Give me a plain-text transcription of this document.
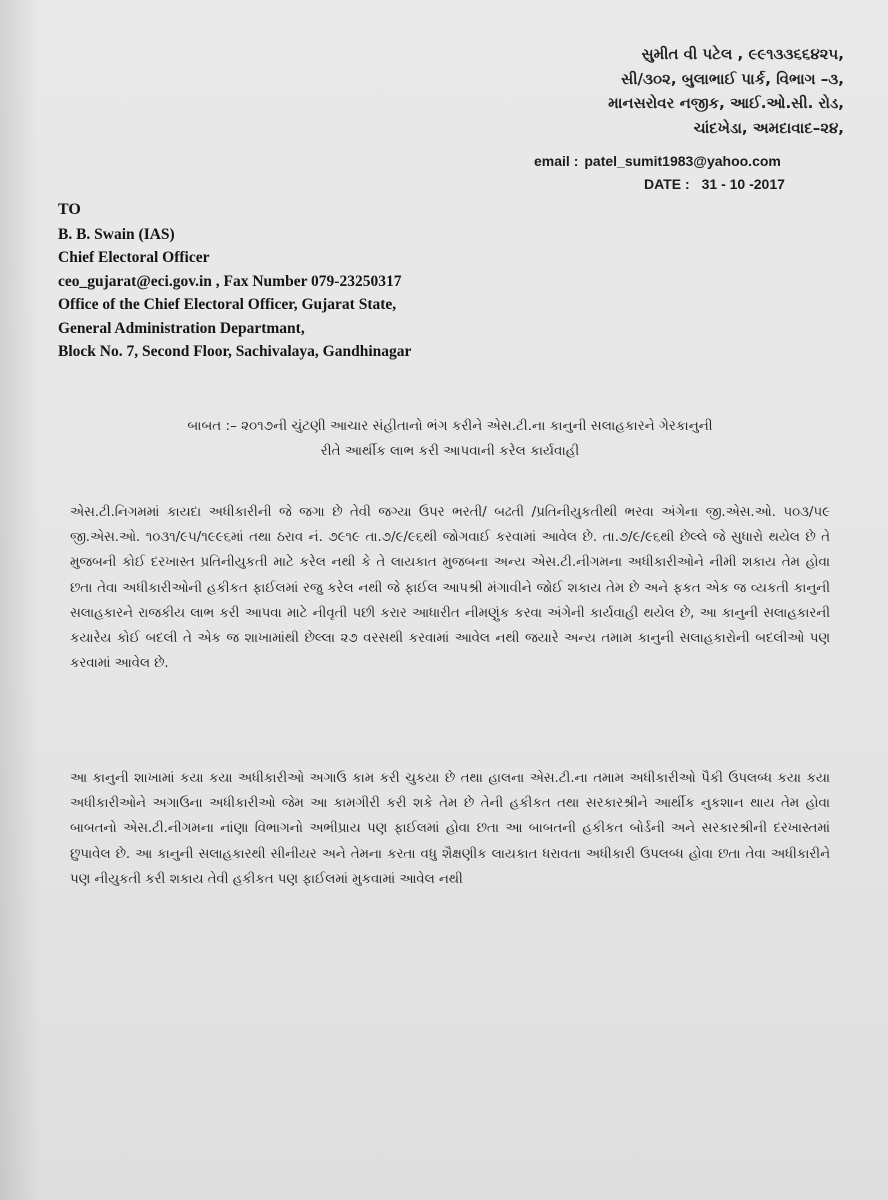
સુમીત વી પટેલ , ૯૯૧૩૩૬૬૪૨૫,
સી/૩૦૨, બુલાભાઈ પાર્ક, વિભાગ –૩,
માનસરોવર નજીક, આઈ.ઓ.સી. રોડ,
ચાંદખેડા, અમદાવાદ–૨૪,
email : patel_sumit1983@yahoo.com
DATE : 31 - 10 -2017
TO
B. B. Swain (IAS)
Chief Electoral Officer
ceo_gujarat@eci.gov.in , Fax Number 079-23250317
Office of the Chief Electoral Officer, Gujarat State,
General Administration Departmant,
Block No. 7, Second Floor, Sachivalaya, Gandhinagar
બાબત :– ૨૦૧૭ની ચુંટણી આચાર સંહીતાનો ભંગ કરીને એસ.ટી.ના કાનુની સલાહકારને ગેરકાનુની
રીતે આર્થીક લાભ કરી આપવાની કરેલ કાર્યવાહી
એસ.ટી.નિગમમાં કાયદા અધીકારીની જે જગા છે તેવી જગ્યા ઉપર ભરતી/ બઢતી /પ્રતિનીયુકતીથી ભરવા અંગેના જી.એસ.ઓ. ૫૦૩/૫૯ જી.એસ.ઓ. ૧૦૩૧/૯૫/૧૯૯૬માં તથા ઠરાવ નં. ૭૯૧૯ તા.૭/૯/૯૬થી જોગવાઈ કરવામાં આવેલ છે. તા.૭/૯/૯૬થી છેલ્લે જે સુધારો થયેલ છે તે મુજબની કોઈ દરખાસ્ત પ્રતિનીયુકતી માટે કરેલ નથી કે તે લાયકાત મુજબના અન્ય એસ.ટી.નીગમના અધીકારીઓને નીમી શકાય તેમ હોવા છતા તેવા અધીકારીઓની હકીકત ફાઈલમાં રજુ કરેલ નથી જે ફાઈલ આપશ્રી મંગાવીને જોઈ શકાય તેમ છે અને ફકત એક જ વ્યકતી કાનુની સલાહકારને રાજકીય લાભ કરી આપવા માટે નીવૃતી પછી કરાર આધારીત નીમણુંક કરવા અંગેની કાર્યવાહી થયેલ છે, આ કાનુની સલાહકારની કયારેય કોઈ બદલી તે એક જ શાખામાંથી છેલ્લા ૨૭ વરસથી કરવામાં આવેલ નથી જયારે અન્ય તમામ કાનુની સલાહકારોની બદલીઓ પણ કરવામાં આવેલ છે.
આ કાનુની શાખામાં કયા કયા અધીકારીઓ અગાઉ કામ કરી ચુકયા છે તથા હાલના એસ.ટી.ના તમામ અધીકારીઓ પૈકી ઉપલબ્ધ કયા કયા અધીકારીઓને અગાઉના અધીકારીઓ જેમ આ કામગીરી કરી શકે તેમ છે તેની હકીકત તથા સરકારશ્રીને આર્થીક નુકશાન થાય તેમ હોવા બાબતનો એસ.ટી.નીગમના નાંણા વિભાગનો અભીપ્રાય પણ ફાઈલમાં હોવા છતા આ બાબતની હકીકત બોર્ડની અને સરકારશ્રીની દરખાસ્તમાં છુપાવેલ છે. આ કાનુની સલાહકારથી સીનીયર અને તેમના કરતા વધુ શૈક્ષણીક લાયકાત ધરાવતા અધીકારી ઉપલબ્ધ હોવા છતા તેવા અધીકારીને પણ નીયુકતી કરી શકાય તેવી હકીકત પણ ફાઈલમાં મુકવામાં આવેલ નથી
